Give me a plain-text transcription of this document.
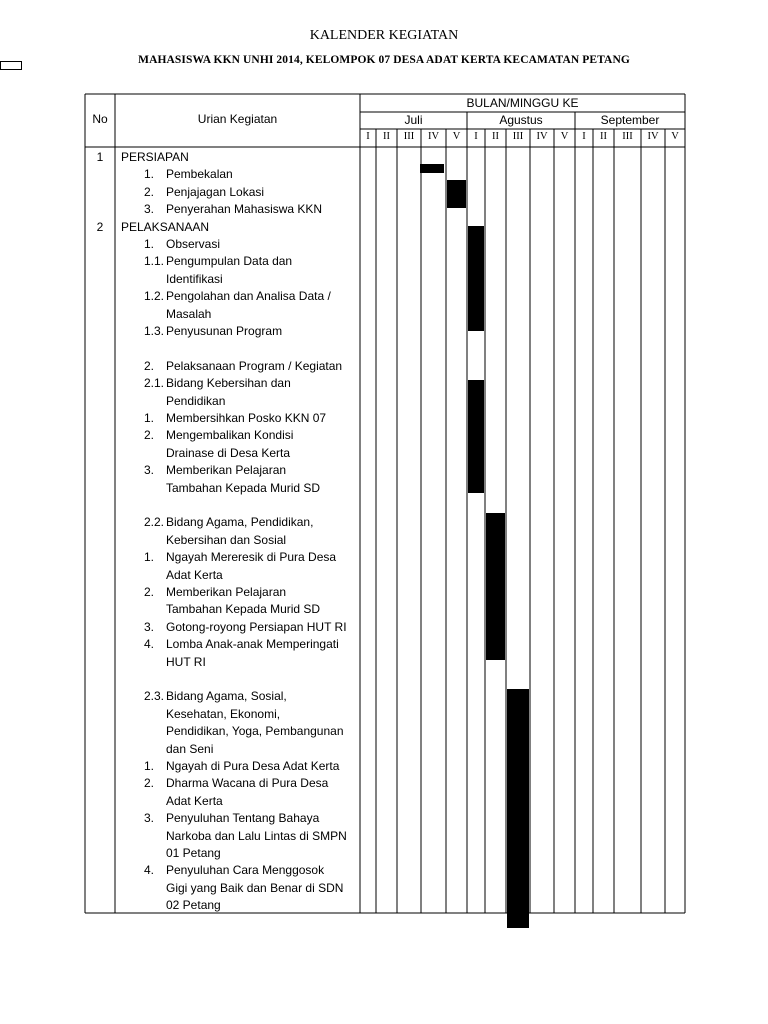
KALENDER KEGIATAN
MAHASISWA KKN UNHI 2014, KELOMPOK 07 DESA ADAT KERTA KECAMATAN PETANG
No	Urian Kegiatan
BULAN/MINGGU KE
Juli	Agustus	September
I	II	III	IV	V	I	II	III	IV	V	I	II	III	IV	V
1	PERSIAPAN
1. Pembekalan
2. Penjajagan Lokasi
3. Penyerahan Mahasiswa KKN
2	PELAKSANAAN
1. Observasi
1.1. Pengumpulan Data dan
Identifikasi
1.2. Pengolahan dan Analisa Data /
Masalah
1.3. Penyusunan Program
2. Pelaksanaan Program / Kegiatan
2.1. Bidang Kebersihan dan
Pendidikan
1. Membersihkan Posko KKN 07
2. Mengembalikan Kondisi
Drainase di Desa Kerta
3. Memberikan Pelajaran
Tambahan Kepada Murid SD
2.2. Bidang Agama, Pendidikan,
Kebersihan dan Sosial
1. Ngayah Mereresik di Pura Desa
Adat Kerta
2. Memberikan Pelajaran
Tambahan Kepada Murid SD
3. Gotong-royong Persiapan HUT RI
4. Lomba Anak-anak Memperingati
HUT RI
2.3. Bidang Agama, Sosial,
Kesehatan, Ekonomi,
Pendidikan, Yoga, Pembangunan
dan Seni
1. Ngayah di Pura Desa Adat Kerta
2. Dharma Wacana di Pura Desa
Adat Kerta
3. Penyuluhan Tentang Bahaya
Narkoba dan Lalu Lintas di SMPN
01 Petang
4. Penyuluhan Cara Menggosok
Gigi yang Baik dan Benar di SDN
02 Petang
